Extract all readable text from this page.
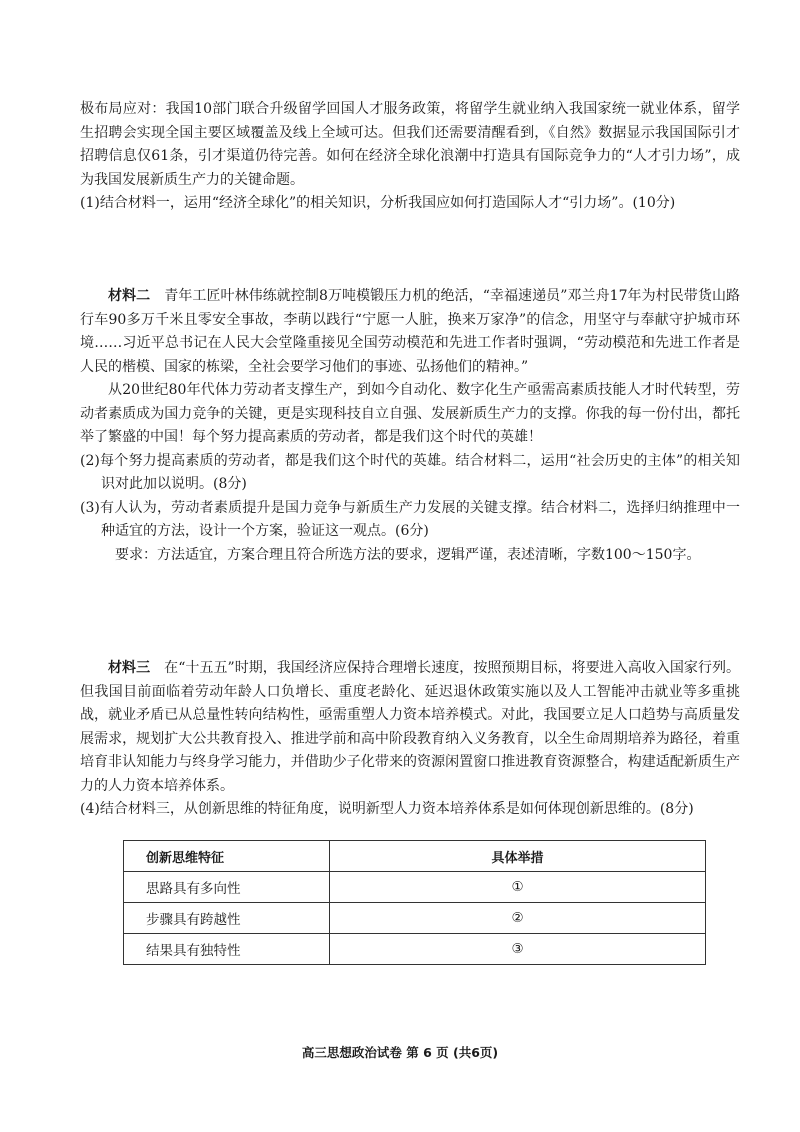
极布局应对：我国10部门联合升级留学回国人才服务政策，将留学生就业纳入我国家统一就业体系，留学生招聘会实现全国主要区域覆盖及线上全域可达。但我们还需要清醒看到，《自然》数据显示我国国际引才招聘信息仅61条，引才渠道仍待完善。如何在经济全球化浪潮中打造具有国际竞争力的“人才引力场”，成为我国发展新质生产力的关键命题。

(1)结合材料一，运用“经济全球化”的相关知识，分析我国应如何打造国际人才“引力场”。(10分)

材料二　 青年工匠叶林伟练就控制8万吨模锻压力机的绝活，“幸福速递员”邓兰舟17年为村民带货山路行车90多万千米且零安全事故，李萌以践行“宁愿一人脏，换来万家净”的信念，用坚守与奉献守护城市环境……习近平总书记在人民大会堂隆重接见全国劳动模范和先进工作者时强调，“劳动模范和先进工作者是人民的楷模、国家的栋梁，全社会要学习他们的事迹、弘扬他们的精神。”

从20世纪80年代体力劳动者支撑生产，到如今自动化、数字化生产亟需高素质技能人才时代转型，劳动者素质成为国力竞争的关键，更是实现科技自立自强、发展新质生产力的支撑。你我的每一份付出，都托举了繁盛的中国！每个努力提高素质的劳动者，都是我们这个时代的英雄！

(2)每个努力提高素质的劳动者，都是我们这个时代的英雄。结合材料二，运用“社会历史的主体”的相关知识对此加以说明。(8分)

(3)有人认为，劳动者素质提升是国力竞争与新质生产力发展的关键支撑。结合材料二，选择归纳推理中一种适宜的方法，设计一个方案，验证这一观点。(6分)

要求：方法适宜，方案合理且符合所选方法的要求，逻辑严谨，表述清晰，字数100～150字。

材料三　 在“十五五”时期，我国经济应保持合理增长速度，按照预期目标，将要进入高收入国家行列。但我国目前面临着劳动年龄人口负增长、重度老龄化、延迟退休政策实施以及人工智能冲击就业等多重挑战，就业矛盾已从总量性转向结构性，亟需重塑人力资本培养模式。对此，我国要立足人口趋势与高质量发展需求，规划扩大公共教育投入、推进学前和高中阶段教育纳入义务教育，以全生命周期培养为路径，着重培育非认知能力与终身学习能力，并借助少子化带来的资源闲置窗口推进教育资源整合，构建适配新质生产力的人力资本培养体系。

(4)结合材料三，从创新思维的特征角度，说明新型人力资本培养体系是如何体现创新思维的。(8分)

创新思维特征	具体举措
思路具有多向性	①
步骤具有跨越性	②
结果具有独特性	③
高三思想政治试卷 第 6 页 (共6页)
